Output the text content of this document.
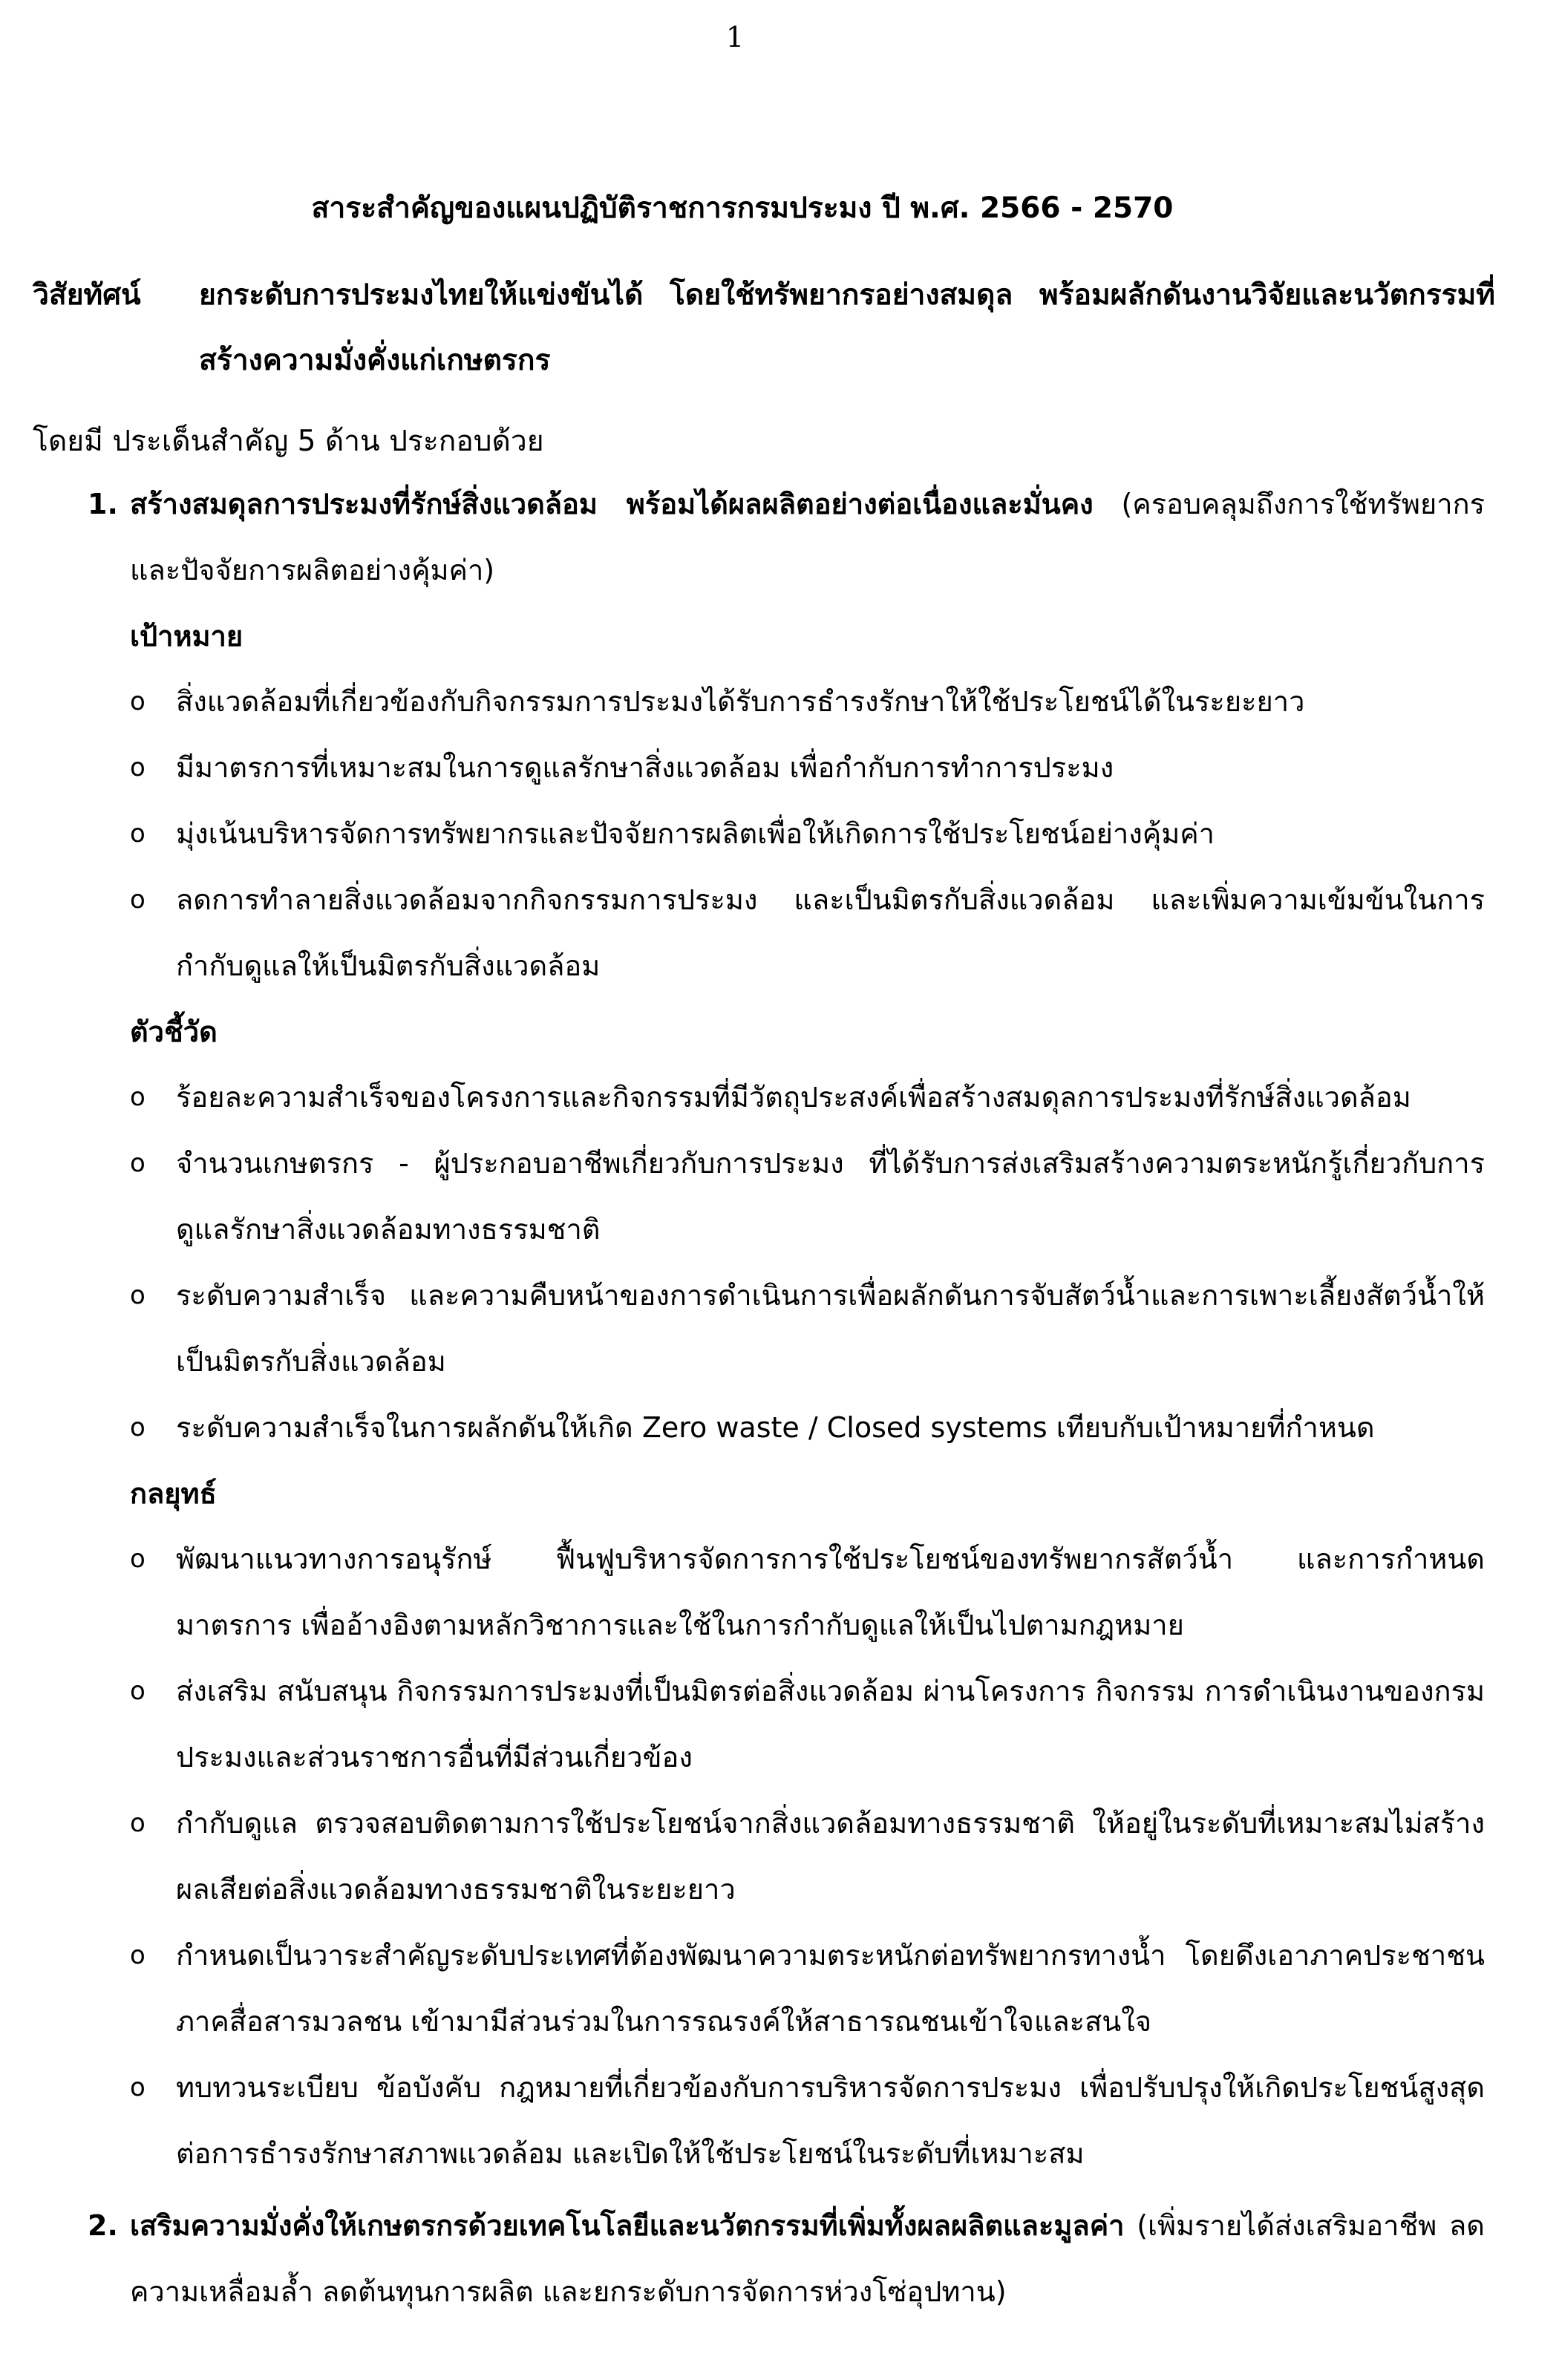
1
สาระสำคัญของแผนปฏิบัติราชการกรมประมง ปี พ.ศ. 2566 - 2570
วิสัยทัศน์ ยกระดับการประมงไทยให้แข่งขันได้ โดยใช้ทรัพยากรอย่างสมดุล พร้อมผลักดันงานวิจัยและนวัตกรรมที่สร้างความมั่งคั่งแก่เกษตรกร
โดยมี ประเด็นสำคัญ 5 ด้าน ประกอบด้วย
1. สร้างสมดุลการประมงที่รักษ์สิ่งแวดล้อม พร้อมได้ผลผลิตอย่างต่อเนื่องและมั่นคง (ครอบคลุมถึงการใช้ทรัพยากรและปัจจัยการผลิตอย่างคุ้มค่า)
เป้าหมาย
o สิ่งแวดล้อมที่เกี่ยวข้องกับกิจกรรมการประมงได้รับการธำรงรักษาให้ใช้ประโยชน์ได้ในระยะยาว
o มีมาตรการที่เหมาะสมในการดูแลรักษาสิ่งแวดล้อม เพื่อกำกับการทำการประมง
o มุ่งเน้นบริหารจัดการทรัพยากรและปัจจัยการผลิตเพื่อให้เกิดการใช้ประโยชน์อย่างคุ้มค่า
o ลดการทำลายสิ่งแวดล้อมจากกิจกรรมการประมง และเป็นมิตรกับสิ่งแวดล้อม และเพิ่มความเข้มข้นในการกำกับดูแลให้เป็นมิตรกับสิ่งแวดล้อม
ตัวชี้วัด
o ร้อยละความสำเร็จของโครงการและกิจกรรมที่มีวัตถุประสงค์เพื่อสร้างสมดุลการประมงที่รักษ์สิ่งแวดล้อม
o จำนวนเกษตรกร - ผู้ประกอบอาชีพเกี่ยวกับการประมง ที่ได้รับการส่งเสริมสร้างความตระหนักรู้เกี่ยวกับการดูแลรักษาสิ่งแวดล้อมทางธรรมชาติ
o ระดับความสำเร็จ และความคืบหน้าของการดำเนินการเพื่อผลักดันการจับสัตว์น้ำและการเพาะเลี้ยงสัตว์น้ำให้เป็นมิตรกับสิ่งแวดล้อม
o ระดับความสำเร็จในการผลักดันให้เกิด Zero waste / Closed systems เทียบกับเป้าหมายที่กำหนด
กลยุทธ์
o พัฒนาแนวทางการอนุรักษ์ ฟื้นฟูบริหารจัดการการใช้ประโยชน์ของทรัพยากรสัตว์น้ำ และการกำหนดมาตรการ เพื่ออ้างอิงตามหลักวิชาการและใช้ในการกำกับดูแลให้เป็นไปตามกฎหมาย
o ส่งเสริม สนับสนุน กิจกรรมการประมงที่เป็นมิตรต่อสิ่งแวดล้อม ผ่านโครงการ กิจกรรม การดำเนินงานของกรมประมงและส่วนราชการอื่นที่มีส่วนเกี่ยวข้อง
o กำกับดูแล ตรวจสอบติดตามการใช้ประโยชน์จากสิ่งแวดล้อมทางธรรมชาติ ให้อยู่ในระดับที่เหมาะสมไม่สร้างผลเสียต่อสิ่งแวดล้อมทางธรรมชาติในระยะยาว
o กำหนดเป็นวาระสำคัญระดับประเทศที่ต้องพัฒนาความตระหนักต่อทรัพยากรทางน้ำ โดยดึงเอาภาคประชาชน ภาคสื่อสารมวลชน เข้ามามีส่วนร่วมในการรณรงค์ให้สาธารณชนเข้าใจและสนใจ
o ทบทวนระเบียบ ข้อบังคับ กฎหมายที่เกี่ยวข้องกับการบริหารจัดการประมง เพื่อปรับปรุงให้เกิดประโยชน์สูงสุดต่อการธำรงรักษาสภาพแวดล้อม และเปิดให้ใช้ประโยชน์ในระดับที่เหมาะสม
2. เสริมความมั่งคั่งให้เกษตรกรด้วยเทคโนโลยีและนวัตกรรมที่เพิ่มทั้งผลผลิตและมูลค่า (เพิ่มรายได้ส่งเสริมอาชีพ ลดความเหลื่อมล้ำ ลดต้นทุนการผลิต และยกระดับการจัดการห่วงโซ่อุปทาน)
